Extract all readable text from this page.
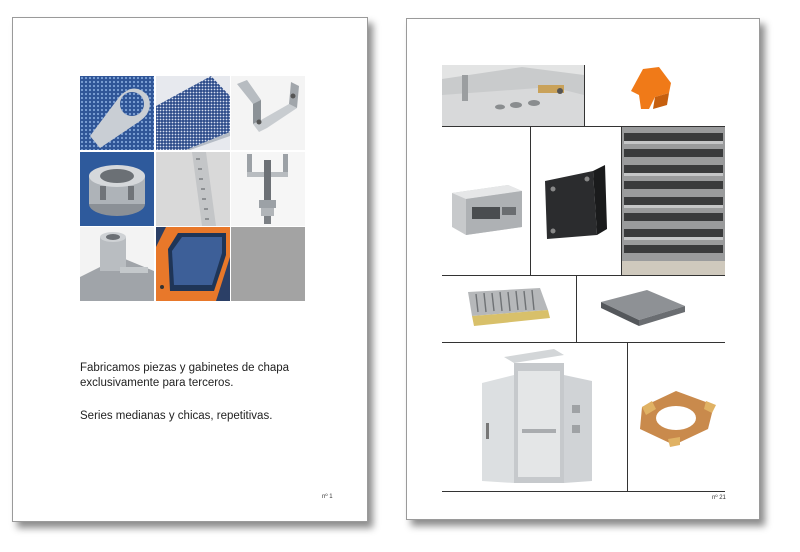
Fabricamos piezas y gabinetes de chapa
exclusivamente para terceros.
Series medianas y chicas, repetitivas.
nº 1	nº 21
